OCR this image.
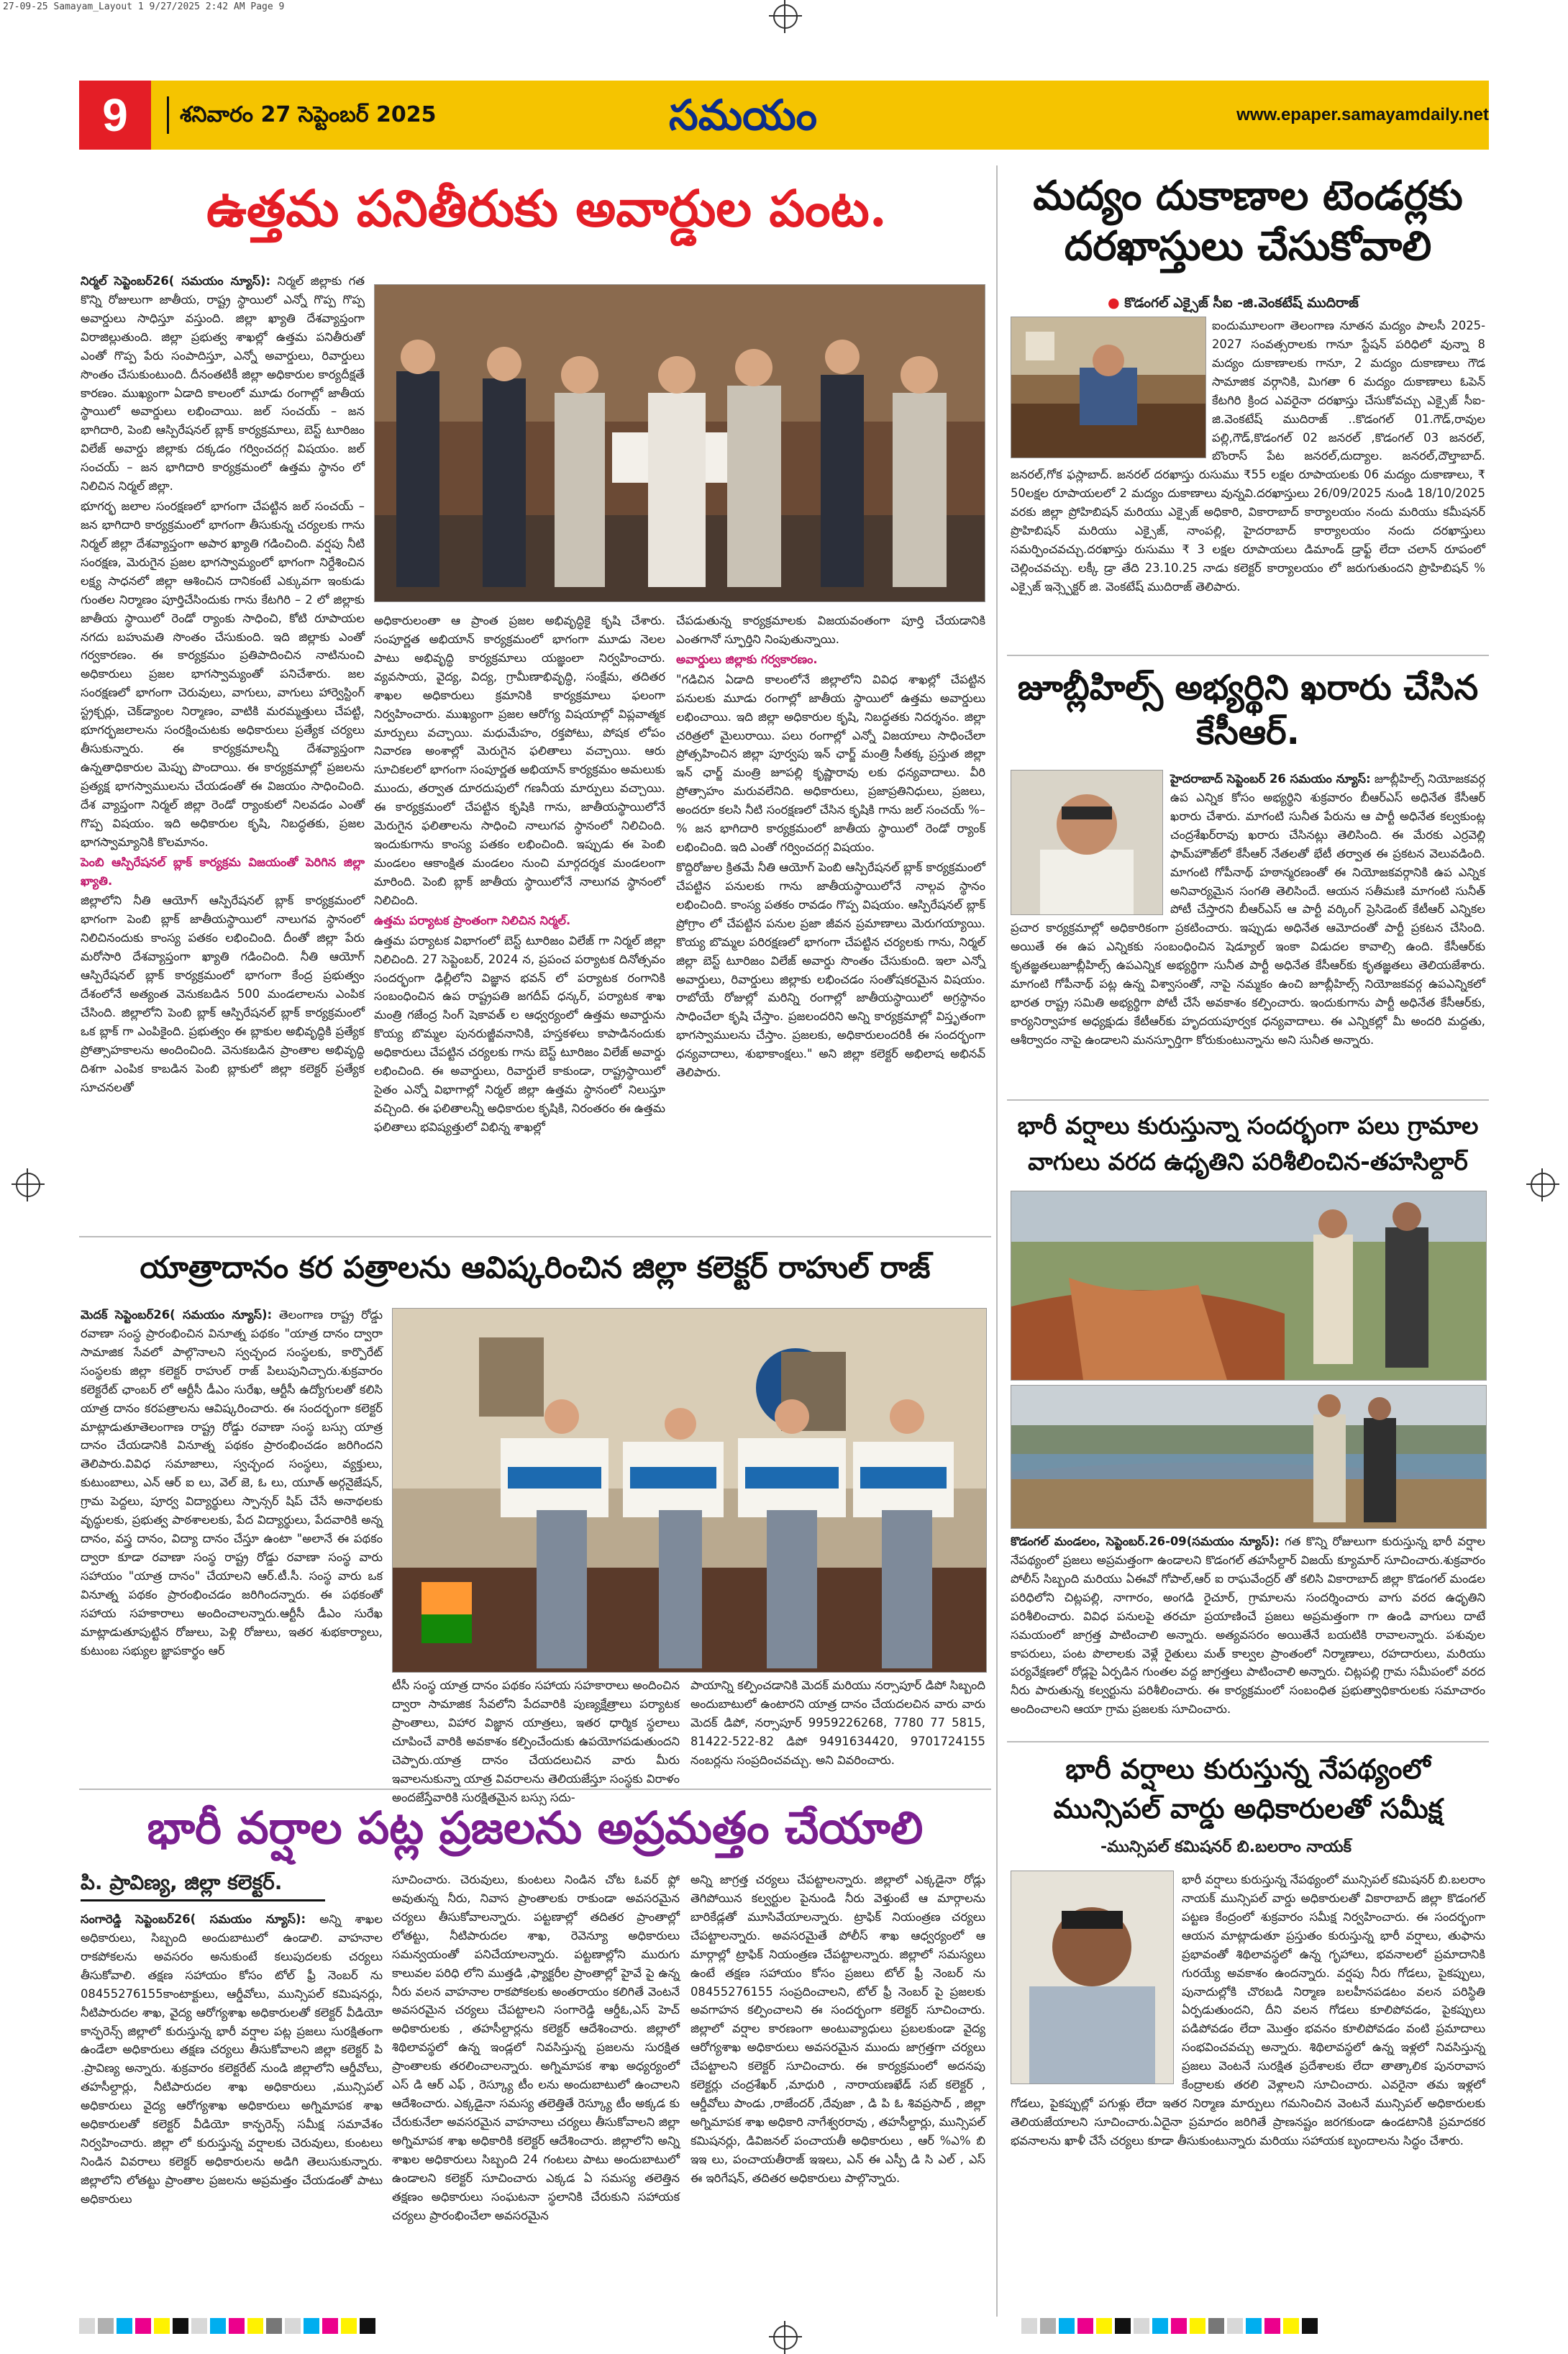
27-09-25 Samayam_Layout 1 9/27/2025 2:42 AM Page 9
9	శనివారం 27 సెప్టెంబర్ 2025	సమయం	www.epaper.samayamdaily.net
ఉత్తమ పనితీరుకు అవార్డుల పంట.

నిర్మల్ సెప్టెంబర్26( సమయం న్యూస్): నిర్మల్ జిల్లాకు గత కొన్ని రోజులుగా జాతీయ, రాష్ట్ర స్థాయిలో ఎన్నో గొప్ప గొప్ప అవార్డులు సాధిస్తూ వస్తుంది. జిల్లా ఖ్యాతి దేశవ్యాప్తంగా విరాజిల్లుతుంది. జిల్లా ప్రభుత్వ శాఖల్లో ఉత్తమ పనితీరుతో ఎంతో గొప్ప పేరు సంపాదిస్తూ, ఎన్నో అవార్డులు, రివార్డులు సొంతం చేసుకుంటుంది. దీనంతటికీ జిల్లా అధికారుల కార్యదీక్షతే కారణం. ముఖ్యంగా ఏడాది కాలంలో మూడు రంగాల్లో జాతీయ స్థాయిలో అవార్డులు లభించాయి. జల్ సంచయ్ – జన భాగిదారి, పెంబి ఆస్పిరేషనల్ బ్లాక్ కార్యక్రమాలు, బెస్ట్ టూరిజం విలేజ్ అవార్డు జిల్లాకు దక్కడం గర్వించదగ్గ విషయం. జల్ సంచయ్ – జన భాగిదారి కార్యక్రమంలో ఉత్తమ స్థానం లో నిలిచిన నిర్మల్ జిల్లా.

భూగర్భ జలాల సంరక్షణలో భాగంగా చేపట్టిన జల్ సంచయ్ – జన భాగిదారి కార్యక్రమంలో భాగంగా తీసుకున్న చర్యలకు గాను నిర్మల్ జిల్లా దేశవ్యాప్తంగా అపార ఖ్యాతి గడించింది. వర్షపు నీటి సంరక్షణ, మెరుగైన ప్రజల భాగస్వామ్యంలో భాగంగా నిర్దేశించిన లక్ష్య సాధనలో జిల్లా ఆశించిన దానికంటే ఎక్కువగా ఇంకుడు గుంతల నిర్మాణం పూర్తిచేసిందుకు గాను కేటగిరి – 2 లో జిల్లాకు జాతీయ స్థాయిలో రెండో ర్యాంకు సాధించి, కోటి రూపాయల నగదు బహుమతి సొంతం చేసుకుంది. ఇది జిల్లాకు ఎంతో గర్వకారణం. ఈ కార్యక్రమం ప్రతిపాదించిన నాటినుంచి అధికారులు ప్రజల భాగస్వామ్యంతో పనిచేశారు. జల సంరక్షణలో భాగంగా చెరువులు, వాగులు, వాగులు హార్వెస్టింగ్ స్ట్రక్చర్లు, చెక్‌డ్యాంల నిర్మాణం, వాటికి మరమ్మత్తులు చేపట్టి, భూగర్భజలాలను సంరక్షించుటకు అధికారులు ప్రత్యేక చర్యలు తీసుకున్నారు. ఈ కార్యక్రమాలన్నీ దేశవ్యాప్తంగా ఉన్నతాధికారుల మెప్పు పొందాయి. ఈ కార్యక్రమాల్లో ప్రజలను ప్రత్యక్ష భాగస్వాములను చేయడంతో ఈ విజయం సాధించింది. దేశ వ్యాప్తంగా నిర్మల్ జిల్లా రెండో ర్యాంకులో నిలవడం ఎంతో గొప్ప విషయం. ఇది అధికారుల కృషి, నిబద్ధతకు, ప్రజల భాగస్వామ్యానికి కొలమానం.

పెంబి ఆస్పిరేషనల్ బ్లాక్ కార్యక్రమ విజయంతో పెరిగిన జిల్లా ఖ్యాతి.

జిల్లాలోని నీతి ఆయోగ్ ఆస్పిరేషనల్ బ్లాక్ కార్యక్రమంలో భాగంగా పెంబి బ్లాక్ జాతీయస్థాయిలో నాలుగవ స్థానంలో నిలిచినందుకు కాంస్య పతకం లభించింది. దీంతో జిల్లా పేరు మరోసారి దేశవ్యాప్తంగా ఖ్యాతి గడించింది. నీతి ఆయోగ్ ఆస్పిరేషనల్ బ్లాక్ కార్యక్రమంలో భాగంగా కేంద్ర ప్రభుత్వం దేశంలోనే అత్యంత వెనుకబడిన 500 మండలాలను ఎంపిక చేసింది. జిల్లాలోని పెంబి బ్లాక్ ఆస్పిరేషనల్ బ్లాక్ కార్యక్రమంలో ఒక బ్లాక్ గా ఎంపికైంది. ప్రభుత్వం ఈ బ్లాకుల అభివృద్ధికి ప్రత్యేక ప్రోత్సాహకాలను అందించింది. వెనుకబడిన ప్రాంతాల అభివృద్ధి దిశగా ఎంపిక కాబడిన పెంబి బ్లాకులో జిల్లా కలెక్టర్ ప్రత్యేక సూచనలతో

అధికారులంతా ఆ ప్రాంత ప్రజల అభివృద్ధికై కృషి చేశారు. సంపూర్ణత అభియాన్ కార్యక్రమంలో భాగంగా మూడు నెలల పాటు అభివృద్ధి కార్యక్రమాలు యజ్ఞంలా నిర్వహించారు. వ్యవసాయ, వైద్య, విద్య, గ్రామీణాభివృద్ధి, సంక్షేమ, తదితర శాఖల అధికారులు క్రమానికి కార్యక్రమాలు ఫలంగా నిర్వహించారు. ముఖ్యంగా ప్రజల ఆరోగ్య విషయాల్లో విప్లవాత్మక మార్పులు వచ్చాయి. మధుమేహం, రక్తపోటు, పోషక లోపం నివారణ అంశాల్లో మెరుగైన ఫలితాలు వచ్చాయి. ఆరు సూచికలలో భాగంగా సంపూర్ణత అభియాన్ కార్యక్రమం అమలుకు ముందు, తర్వాత దూరదుపులో గణనీయ మార్పులు వచ్చాయి. ఈ కార్యక్రమంలో చేపట్టిన కృషికి గాను, జాతీయస్థాయిలోనే మెరుగైన ఫలితాలను సాధించి నాలుగవ స్థానంలో నిలిచింది. ఇందుకుగాను కాంస్య పతకం లభించింది. ఇప్పుడు ఈ పెంబి మండలం ఆకాంక్షిత మండలం నుంచి మార్గదర్శక మండలంగా మారింది. పెంబి బ్లాక్ జాతీయ స్థాయిలోనే నాలుగవ స్థానంలో నిలిచింది.

ఉత్తమ పర్యాటక ప్రాంతంగా నిలిచిన నిర్మల్.

ఉత్తమ పర్యాటక విభాగంలో బెస్ట్ టూరిజం విలేజ్ గా నిర్మల్ జిల్లా నిలిచింది. 27 సెప్టెంబర్, 2024 న, ప్రపంచ పర్యాటక దినోత్సవం సందర్భంగా ఢిల్లీలోని విజ్ఞాన భవన్ లో పర్యాటక రంగానికి సంబంధించిన ఉప రాష్ట్రపతి జగదీప్ ధన్కర్, పర్యాటక శాఖ మంత్రి గజేంద్ర సింగ్ షెకావత్ ల ఆధ్వర్యంలో ఉత్తమ అవార్డును కొయ్య బొమ్మల పునరుజ్జీవనానికి, హస్తకళలు కాపాడినందుకు అధికారులు చేపట్టిన చర్యలకు గాను బెస్ట్ టూరిజం విలేజ్ అవార్డు లభించింది. ఈ అవార్డులు, రివార్డులే కాకుండా, రాష్ట్రస్థాయిలో సైతం ఎన్నో విభాగాల్లో నిర్మల్ జిల్లా ఉత్తమ స్థానంలో నిలుస్తూ వచ్చింది. ఈ ఫలితాలన్నీ అధికారుల కృషికి, నిరంతరం ఈ ఉత్తమ ఫలితాలు భవిష్యత్తులో విభిన్న శాఖల్లో

చేపడుతున్న కార్యక్రమాలకు విజయవంతంగా పూర్తి చేయడానికి ఎంతగానో స్ఫూర్తిని నింపుతున్నాయి.

అవార్డులు జిల్లాకు గర్వకారణం.

"గడిచిన ఏడాది కాలంలోనే జిల్లాలోని వివిధ శాఖల్లో చేపట్టిన పనులకు మూడు రంగాల్లో జాతీయ స్థాయిలో ఉత్తమ అవార్డులు లభించాయి. ఇది జిల్లా అధికారుల కృషి, నిబద్ధతకు నిదర్శనం. జిల్లా చరిత్రలో మైలురాయి. పలు రంగాల్లో ఎన్నో విజయాలు సాధించేలా ప్రోత్సహించిన జిల్లా పూర్వపు ఇన్ ఛార్జ్ మంత్రి సీతక్క ప్రస్తుత జిల్లా ఇన్ ఛార్జ్ మంత్రి జూపల్లి కృష్ణారావు లకు ధన్యవాదాలు. వీరి ప్రోత్సాహం మరువలేనిది. అధికారులు, ప్రజాప్రతినిధులు, ప్రజలు, అందరూ కలసి నీటి సంరక్షణలో చేసిన కృషికి గాను జల్ సంచయ్ %–% జన భాగిదారి కార్యక్రమంలో జాతీయ స్థాయిలో రెండో ర్యాంక్ లభించింది. ఇది ఎంతో గర్వించదగ్గ విషయం.

కొద్దిరోజుల క్రితమే నీతి ఆయోగ్ పెంబి ఆస్పిరేషనల్ బ్లాక్ కార్యక్రమంలో చేపట్టిన పనులకు గాను జాతీయస్థాయిలోనే నాల్గవ స్థానం లభించింది. కాంస్య పతకం రావడం గొప్ప విషయం. ఆస్పిరేషనల్ బ్లాక్ ప్రోగ్రాం లో చేపట్టిన పనుల ప్రజా జీవన ప్రమాణాలు మెరుగయ్యాయి. కొయ్య బొమ్మల పరిరక్షణలో భాగంగా చేపట్టిన చర్యలకు గాను, నిర్మల్ జిల్లా బెస్ట్ టూరిజం విలేజ్ అవార్డు సొంతం చేసుకుంది. ఇలా ఎన్నో అవార్డులు, రివార్డులు జిల్లాకు లభించడం సంతోషకరమైన విషయం. రాబోయే రోజుల్లో మరిన్ని రంగాల్లో జాతీయస్థాయిలో అగ్రస్థానం సాధించేలా కృషి చేస్తాం. ప్రజలందరిని అన్ని కార్యక్రమాల్లో విస్తృతంగా భాగస్వాములను చేస్తాం. ప్రజలకు, అధికారులందరికీ ఈ సందర్భంగా ధన్యవాదాలు, శుభాకాంక్షలు." అని జిల్లా కలెక్టర్ అభిలాష అభినవ్ తెలిపారు.

యాత్రాదానం కర పత్రాలను ఆవిష్కరించిన జిల్లా కలెక్టర్ రాహుల్ రాజ్

మెదక్ సెప్టెంబర్26( సమయం న్యూస్): తెలంగాణ రాష్ట్ర రోడ్డు రవాణా సంస్థ ప్రారంభించిన వినూత్న పథకం "యాత్ర దానం ద్వారా సామాజిక సేవలో పాల్గొనాలని స్వచ్ఛంద సంస్థలకు, కార్పొరేట్ సంస్థలకు జిల్లా కలెక్టర్ రాహుల్ రాజ్ పిలుపునిచ్చారు.శుక్రవారం కలెక్టరేట్ ఛాంబర్ లో ఆర్టీసీ డీఎం సురేఖ, ఆర్టీసీ ఉద్యోగులతో కలిసి యాత్ర దానం కరపత్రాలను ఆవిష్కరించారు. ఈ సందర్భంగా కలెక్టర్ మాట్లాడుతూతెలంగాణ రాష్ట్ర రోడ్డు రవాణా సంస్థ బస్సు యాత్ర దానం చేయడానికి వినూత్న పథకం ప్రారంభించడం జరిగిందని తెలిపారు.వివిధ సమాజాలు, స్వచ్ఛంద సంస్థలు, వ్యక్తులు, కుటుంబాలు, ఎన్ ఆర్ ఐ లు, వెల్ జె, ఓ లు, యూత్ అర్గనైజేషన్, గ్రామ పెద్దలు, పూర్వ విద్యార్థులు స్పాన్సర్ షిప్ చేసే అనాథలకు వృద్ధులకు, ప్రభుత్వ పాఠశాలలకు, పేద విద్యార్థులు, పేదవారికి అన్న దానం, వస్త్ర దానం, విద్యా దానం చేస్తూ ఉంటా "అలానే ఈ పథకం ద్వారా కూడా రవాణా సంస్థ రాష్ట్ర రోడ్డు రవాణా సంస్థ వారు సహాయం "యాత్ర దానం" చేయాలని ఆర్.టీ.సీ. సంస్థ వారు ఒక వినూత్న పథకం ప్రారంభించడం జరిగిందన్నారు. ఈ పథకంతో సహాయ సహకారాలు అందించాలన్నారు.ఆర్టీసీ డీఎం సురేఖ మాట్లాడుతూపుట్టిన రోజులు, పెళ్లి రోజులు, ఇతర శుభకార్యాలు, కుటుంబ సభ్యుల జ్ఞాపకార్థం ఆర్

టీసీ సంస్థ యాత్ర దానం పథకం సహాయ సహకారాలు అందించిన ద్వారా సామాజిక సేవలోని పేదవారికి పుణ్యక్షేత్రాలు పర్యాటక ప్రాంతాలు, విహార విజ్ఞాన యాత్రలు, ఇతర ధార్మిక స్థలాలు చూపించే వారికి అవకాశం కల్పించేందుకు ఉపయోగపడుతుందని చెప్పారు.యాత్ర దానం చేయదలుచిన వారు మీరు ఇవాలనుకున్నా యాత్ర వివరాలను తెలియజేస్తూ సంస్థకు విరాళం అందజేస్తేవారికి సురక్షితమైన బస్సు సదు-

పాయాన్ని కల్పించడానికి మెదక్ మరియు నర్సాపూర్ డిపో సిబ్బంది అందుబాటులో ఉంటారని యాత్ర దానం చేయదలచిన వారు వారు మెదక్ డిపో, నర్సాపూర్ 9959226268, 7780 77 5815, 81422-522-82 డిపో 9491634420, 9701724155 నంబర్లను సంప్రదించవచ్చు. అని వివరించారు.

భారీ వర్షాల పట్ల ప్రజలను అప్రమత్తం చేయాలి
పి. ప్రావిణ్య, జిల్లా కలెక్టర్.

సంగారెడ్డి సెప్టెంబర్26( సమయం న్యూస్): అన్ని శాఖల అధికారులు, సిబ్బంది అందుబాటులో ఉండాలి. వాహనాల రాకపోకలను అవసరం అనుకుంటే కలుపుదలకు చర్యలు తీసుకోవాలి. తక్షణ సహాయం కోసం టోల్ ఫ్రీ నెంబర్ ను 08455276155కాంటాక్టులు, ఆర్డీవోలు, మున్సిపల్ కమిషనర్లు, నీటిపారుదల శాఖ, వైద్య ఆరోగ్యశాఖ అధికారులతో కలెక్టర్ వీడియో కాన్ఫరెన్స్ జిల్లాలో కురుస్తున్న భారీ వర్షాల పట్ల ప్రజలు సురక్షితంగా ఉండేలా అధికారులు తక్షణ చర్యలు తీసుకోవాలని జిల్లా కలెక్టర్ పి .ప్రావిణ్య అన్నారు. శుక్రవారం కలెక్టరేట్ నుండి జిల్లాలోని ఆర్డీవోలు, తహసీల్దార్లు, నీటిపారుదల శాఖ అధికారులు ,మున్సిపల్ అధికారులు వైద్య ఆరోగ్యశాఖ అధికారులు అగ్నిమాపక శాఖ అధికారులతో కలెక్టర్ వీడియో కాన్ఫరెన్స్ సమీక్ష సమావేశం నిర్వహించారు. జిల్లా లో కురుస్తున్న వర్షాలకు చెరువులు, కుంటలు నిండిన వివరాలు కలెక్టర్ అధికారులను అడిగి తెలుసుకున్నారు. జిల్లాలోని లోతట్టు ప్రాంతాల ప్రజలను అప్రమత్తం చేయడంతో పాటు అధికారులు

సూచించారు. చెరువులు, కుంటలు నిండిన చోట ఓవర్ ఫ్లో అవుతున్న నీరు, నివాస ప్రాంతాలకు రాకుండా అవసరమైన చర్యలు తీసుకోవాలన్నారు. పట్టణాల్లో తదితర ప్రాంతాల్లో లోతట్టు, నీటిపారుదల శాఖ, రెవెన్యూ అధికారులు సమన్వయంతో పనిచేయాలన్నారు. పట్టణాల్లోని మురుగు కాలువల పరిధి లోని ముత్తడి ,ఫ్యాక్టరీల ప్రాంతాల్లో హైవే పై ఉన్న నీరు వలన వాహనాల రాకపోకలకు అంతరాయం కలిగితే వెంటనే అవసరమైన చర్యలు చేపట్టాలని సంగారెడ్డి ఆర్డీఓ,ఎస్ హెచ్ అధికారులకు , తహసీల్దార్లను కలెక్టర్ ఆదేశించారు. జిల్లాలో శిథిలావస్థలో ఉన్న ఇండ్లలో నివసిస్తున్న ప్రజలను సురక్షిత ప్రాంతాలకు తరలించాలన్నారు. అగ్నిమాపక శాఖ అధ్యర్యంలో ఎస్ డి ఆర్ ఎఫ్ , రెస్క్యూ టీం లను అందుబాటులో ఉంచాలని ఆదేశించారు. ఎక్కడైనా సమస్య తలెత్తితే రెస్క్యూ టీం అక్కడ కు చేరుకునేలా అవసరమైన వాహనాలు చర్యలు తీసుకోవాలని జిల్లా అగ్నిమాపక శాఖ అధికారికి కలెక్టర్ ఆదేశించారు. జిల్లాలోని అన్ని శాఖల అధికారులు సిబ్బంది 24 గంటలు పాటు అందుబాటులో ఉండాలని కలెక్టర్ సూచించారు ఎక్కడ ఏ సమస్య తలెత్తిన తక్షణం అధికారులు సంఘటనా స్థలానికి చేరుకుని సహాయక చర్యలు ప్రారంభించేలా అవసరమైన

అన్ని జాగ్రత్త చర్యలు చేపట్టాలన్నారు. జిల్లాలో ఎక్కడైనా రోడ్లు తెగిపోయిన కల్వర్టుల పైనుండి నీరు వెళ్తుంటే ఆ మార్గాలను బారికేడ్లతో మూసివేయాలన్నారు. ట్రాఫిక్ నియంత్రణ చర్యలు చేపట్టాలన్నారు. అవసరమైతే పోలీస్ శాఖ ఆధ్వర్యంలో ఆ మార్గాల్లో ట్రాఫిక్ నియంత్రణ చేపట్టాలన్నారు. జిల్లాలో సమస్యలు ఉంటే తక్షణ సహాయం కోసం ప్రజలు టోల్ ఫ్రీ నెంబర్ ను 08455276155 సంప్రదించాలని, టోల్ ఫ్రీ నెంబర్ పై ప్రజలకు అవగాహన కల్పించాలని ఈ సందర్భంగా కలెక్టర్ సూచించారు. జిల్లాలో వర్షాల కారణంగా అంటువ్యాధులు ప్రబలకుండా వైద్య ఆరోగ్యశాఖ అధికారులు అవసరమైన ముందు జాగ్రత్తగా చర్యలు చేపట్టాలని కలెక్టర్ సూచించారు. ఈ కార్యక్రమంలో అదనపు కలెక్టర్లు చంద్రశేఖర్ ,మాధురి , నారాయణఖేడ్ సబ్ కలెక్టర్ , ఆర్డీవోలు పాండు ,రాజేందర్ ,దేవుజా , డి పి ఓ శివప్రసాద్ , జిల్లా అగ్నిమాపక శాఖ అధికారి నాగేశ్వరరావు , తహసీల్దార్లు, మున్సిపల్ కమిషనర్లు, డివిజనల్ పంచాయతీ అధికారులు , ఆర్ %ఎ% బి ఇఇ లు, పంచాయతీరాజ్ ఇఇలు, ఎన్ ఈ ఎస్పీ డి సి ఎల్ , ఎస్ ఈ ఇరిగేషన్, తదితర అధికారులు పాల్గొన్నారు.

మద్యం దుకాణాల టెండర్లకు దరఖాస్తులు చేసుకోవాలి
● కొడంగల్ ఎక్సైజ్ సీఐ -జి.వెంకటేష్ ముదిరాజ్

ఐందుమూలంగా తెలంగాణ నూతన మద్యం పాలసీ 2025-2027 సంవత్సరాలకు గానూ స్టేషన్ పరిధిలో వున్నా 8 మద్యం దుకాణాలకు గానూ, 2 మద్యం దుకాణాలు గౌడ సామాజిక వర్గానికి, మిగతా 6 మద్యం దుకాణాలు ఓపెన్ కేటగిరి క్రింద ఎవరైనా దరఖాస్తు చేసుకోవచ్చు ఎక్సైజ్ సీఐ- జి.వెంకటేష్ ముదిరాజ్ ..కొడంగల్ 01.గౌడ్,రావుల పల్లి,గౌడ్,కొడంగల్ 02 జనరల్ ,కొడంగల్ 03 జనరల్, బొంరాస్ పేట జనరల్,దుద్యాల. జనరల్,దౌల్తాబాద్. జనరల్,గోక ఫస్లాబాద్. జనరల్ దరఖాస్తు రుసుము ₹55 లక్షల రూపాయలకు 06 మద్యం దుకాణాలు, ₹ 50లక్షల రూపాయలలో 2 మద్యం దుకాణాలు వున్నవి.దరఖాస్తులు 26/09/2025 నుండి 18/10/2025 వరకు జిల్లా ప్రోహిబిషన్ మరియు ఎక్సైజ్ అధికారి, వికారాబాద్ కార్యాలయం నందు మరియు కమీషనర్ ప్రొహిబిషన్ మరియు ఎక్సైజ్, నాంపల్లి, హైదరాబాద్ కార్యాలయం నందు దరఖాస్తులు సమర్పించవచ్చు.దరఖాస్తు రుసుము ₹ 3 లక్షల రూపాయలు డిమాండ్ డ్రాఫ్ట్ లేదా చలాన్ రూపంలో చెల్లించవచ్చు. లక్కీ డ్రా తేది 23.10.25 నాడు కలెక్టర్ కార్యాలయం లో జరుగుతుందని ప్రొహిబిషన్ % ఎక్సైజ్ ఇన్స్పెక్టర్ జి. వెంకటేష్ ముదిరాజ్ తెలిపారు.

జూబ్లీహిల్స్ అభ్యర్థిని ఖరారు చేసిన కేసీఆర్.

హైదరాబాద్ సెప్టెంబర్ 26 సమయం న్యూస్: జూబ్లీహిల్స్ నియోజకవర్గ ఉప ఎన్నిక కోసం అభ్యర్థిని శుక్రవారం బీఆర్ఎస్ అధినేత కేసీఆర్ ఖరారు చేశారు. మాగంటి సునీత పేరును ఆ పార్టీ అధినేత కల్వకుంట్ల చంద్రశేఖర్‌రావు ఖరారు చేసినట్లు తెలిసింది. ఈ మేరకు ఎర్రవెల్లి ఫామ్‌హౌజ్‌లో కేసీఆర్ నేతలతో భేటీ తర్వాత ఈ ప్రకటన వెలువడింది. మాగంటి గోపీనాథ్ హఠాన్మరణంతో ఈ నియోజకవర్గానికి ఉప ఎన్నిక అనివార్యమైన సంగతి తెలిసిందే. ఆయన సతీమణి మాగంటి సునీత్ పోటీ చేస్తారని బీఆర్ఎస్ ఆ పార్టీ వర్కింగ్ ప్రెసిడెంట్ కేటీఆర్ ఎన్నికల ప్రచార కార్యక్రమాల్లో అధికారికంగా ప్రకటించారు. ఇప్పుడు అధినేత ఆమోదంతో పార్టీ ప్రకటన చేసింది. అయితే ఈ ఉప ఎన్నికకు సంబంధించిన షెడ్యూల్ ఇంకా విడుదల కావాల్సి ఉంది. కేసీఆర్‌కు కృతజ్ఞతలుజూబ్లీహిల్స్ ఉపఎన్నిక అభ్యర్థిగా సునీత పార్టీ అధినేత కేసీఆర్‌కు కృతజ్ఞతలు తెలియజేశారు. మాగంటి గోపీనాథ్ పట్ల ఉన్న విశ్వాసంతో, నాపై నమ్మకం ఉంచి జూబ్లీహిల్స్ నియోజకవర్గ ఉపఎన్నికలో భారత రాష్ట్ర సమితి అభ్యర్థిగా పోటీ చేసే అవకాశం కల్పించారు. ఇందుకుగాను పార్టీ అధినేత కేసీఆర్‌కు, కార్యనిర్వాహక అధ్యక్షుడు కేటీఆర్‌కు హృదయపూర్వక ధన్యవాదాలు. ఈ ఎన్నికల్లో మీ అందరి మద్దతు, ఆశీర్వాదం నాపై ఉండాలని మనస్ఫూర్తిగా కోరుకుంటున్నాను అని సునీత అన్నారు.

భారీ వర్షాలు కురుస్తున్నా సందర్భంగా పలు గ్రామాల వాగులు వరద ఉధృతిని పరిశీలించిన-తహసిల్దార్

కొడంగల్ మండలం, సెప్టెంబర్.26-09(సమయం న్యూస్): గత కొన్ని రోజులుగా కురుస్తున్న భారీ వర్షాల నేపథ్యంలో ప్రజలు అప్రమత్తంగా ఉండాలని కొడంగల్ తహసీల్దార్ విజయ్ క్యూమార్ సూచించారు.శుక్రవారం పోలీస్ సిబ్బంది మరియు ఏఈవో గోపాల్,ఆర్ ఐ రాఘవేంద్రర్ తో కలిసి వికారాబాద్ జిల్లా కొడంగల్ మండల పరిధిలోని చిట్లపల్లి, నాగారం, అంగడి రైచూర్, గ్రామాలను సందర్శించారు వాగు వరద ఉధృతిని పరిశీలించారు. వివిధ పనులపై తరచూ ప్రయాణించే ప్రజలు అప్రమత్తంగా గా ఉండి వాగులు దాటే సమయంలో జాగ్రత్త పాటించాలి అన్నారు. అత్యవసరం అయితేనే బయటికి రావాలన్నారు. పశువుల కాపరులు, పంట పొలాలకు వెళ్లే రైతులు మత్ కాల్వల ప్రాంతంలో నిర్మాణాలు, రహదారులు, మరియు పర్యవేక్షణలో రోడ్లపై ఏర్పడిన గుంతల వద్ద జాగ్రత్తలు పాటించాలి అన్నారు. చిట్లపల్లి గ్రామ సమీపంలో వరద నీరు పారుతున్న కల్వర్టును పరిశీలించారు. ఈ కార్యక్రమంలో సంబంధిత ప్రభుత్వాధికారులకు సమాచారం అందించాలని ఆయా గ్రామ ప్రజలకు సూచించారు.

భారీ వర్షాలు కురుస్తున్న నేపథ్యంలో మున్సిపల్ వార్డు అధికారులతో సమీక్ష
-మున్సిపల్ కమిషనర్ బి.బలరాం నాయక్

భారీ వర్షాలు కురుస్తున్న నేపథ్యంలో మున్సిపల్ కమిషనర్ బి.బలరాం నాయక్ మున్సిపల్ వార్డు అధికారులతో వికారాబాద్ జిల్లా కొడంగల్ పట్టణ కేంద్రంలో శుక్రవారం సమీక్ష నిర్వహించారు. ఈ సందర్భంగా ఆయన మాట్లాడుతూ ప్రస్తుతం కురుస్తున్న భారీ వర్షాలు, తుఫాను ప్రభావంతో శిథిలావస్థలో ఉన్న గృహాలు, భవనాలలో ప్రమాదానికి గురయ్యే అవకాశం ఉందన్నారు. వర్షపు నీరు గోడలు, పైకప్పులు, పునాదుల్లోకి చొరబడి నిర్మాణ బలహీనపడటం వలన పరిస్థితి ఏర్పడుతుందని, దీని వలన గోడలు కూలిపోవడం, పైకప్పులు పడిపోవడం లేదా మొత్తం భవనం కూలిపోవడం వంటి ప్రమాదాలు సంభవించవచ్చు అన్నారు. శిథిలావస్థలో ఉన్న ఇళ్లలో నివసిస్తున్న ప్రజలు వెంటనే సురక్షిత ప్రదేశాలకు లేదా తాత్కాలిక పునరావాస కేంద్రాలకు తరలి వెళ్లాలని సూచించారు. ఎవరైనా తమ ఇళ్లలో గోడలు, పైకప్పుల్లో పగుళ్లు లేదా ఇతర నిర్మాణ మార్పులు గమనించిన వెంటనే మున్సిపల్ అధికారులకు తెలియజేయాలని సూచించారు.ఏదైనా ప్రమాదం జరిగితే ప్రాణనష్టం జరగకుండా ఉండటానికి ప్రమాదకర భవనాలను ఖాళీ చేసే చర్యలు కూడా తీసుకుంటున్నారు మరియు సహాయక బృందాలను సిద్ధం చేశారు.
